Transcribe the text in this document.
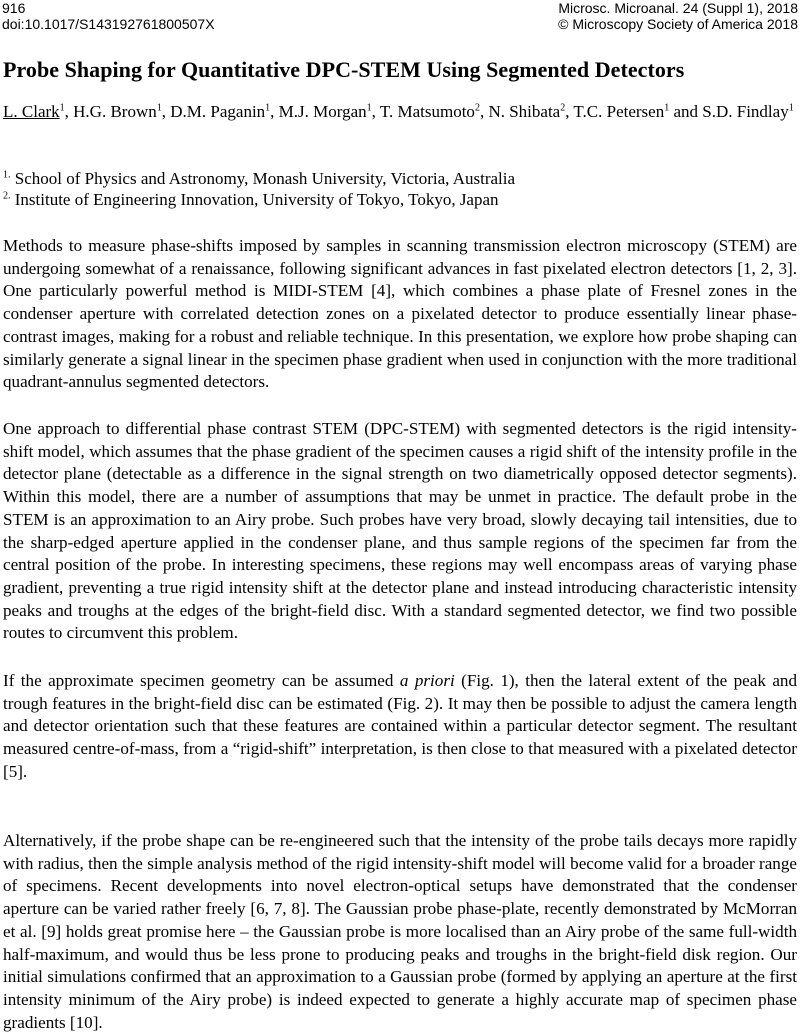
916
doi:10.1017/S143192761800507X
Microsc. Microanal. 24 (Suppl 1), 2018
© Microscopy Society of America 2018
Probe Shaping for Quantitative DPC-STEM Using Segmented Detectors
L. Clark$^1$, H.G. Brown$^1$, D.M. Paganin$^1$, M.J. Morgan$^1$, T. Matsumoto$^2$, N. Shibata$^2$, T.C. Petersen$^1$ and S.D. Findlay$^1$
$^{1.}$ School of Physics and Astronomy, Monash University, Victoria, Australia
$^{2.}$ Institute of Engineering Innovation, University of Tokyo, Tokyo, Japan
Methods to measure phase-shifts imposed by samples in scanning transmission electron microscopy (STEM) are undergoing somewhat of a renaissance, following significant advances in fast pixelated electron detectors [1, 2, 3]. One particularly powerful method is MIDI-STEM [4], which combines a phase plate of Fresnel zones in the condenser aperture with correlated detection zones on a pixelated detector to produce essentially linear phase-contrast images, making for a robust and reliable technique. In this presentation, we explore how probe shaping can similarly generate a signal linear in the specimen phase gradient when used in conjunction with the more traditional quadrant-annulus segmented detectors.
One approach to differential phase contrast STEM (DPC-STEM) with segmented detectors is the rigid intensity-shift model, which assumes that the phase gradient of the specimen causes a rigid shift of the intensity profile in the detector plane (detectable as a difference in the signal strength on two diametrically opposed detector segments). Within this model, there are a number of assumptions that may be unmet in practice. The default probe in the STEM is an approximation to an Airy probe. Such probes have very broad, slowly decaying tail intensities, due to the sharp-edged aperture applied in the condenser plane, and thus sample regions of the specimen far from the central position of the probe. In interesting specimens, these regions may well encompass areas of varying phase gradient, preventing a true rigid intensity shift at the detector plane and instead introducing characteristic intensity peaks and troughs at the edges of the bright-field disc. With a standard segmented detector, we find two possible routes to circumvent this problem.
If the approximate specimen geometry can be assumed a priori (Fig. 1), then the lateral extent of the peak and trough features in the bright-field disc can be estimated (Fig. 2). It may then be possible to adjust the camera length and detector orientation such that these features are contained within a particular detector segment. The resultant measured centre-of-mass, from a “rigid-shift” interpretation, is then close to that measured with a pixelated detector [5].
Alternatively, if the probe shape can be re-engineered such that the intensity of the probe tails decays more rapidly with radius, then the simple analysis method of the rigid intensity-shift model will become valid for a broader range of specimens. Recent developments into novel electron-optical setups have demonstrated that the condenser aperture can be varied rather freely [6, 7, 8]. The Gaussian probe phase-plate, recently demonstrated by McMorran et al. [9] holds great promise here – the Gaussian probe is more localised than an Airy probe of the same full-width half-maximum, and would thus be less prone to producing peaks and troughs in the bright-field disk region. Our initial simulations confirmed that an approximation to a Gaussian probe (formed by applying an aperture at the first intensity minimum of the Airy probe) is indeed expected to generate a highly accurate map of specimen phase gradients [10].
